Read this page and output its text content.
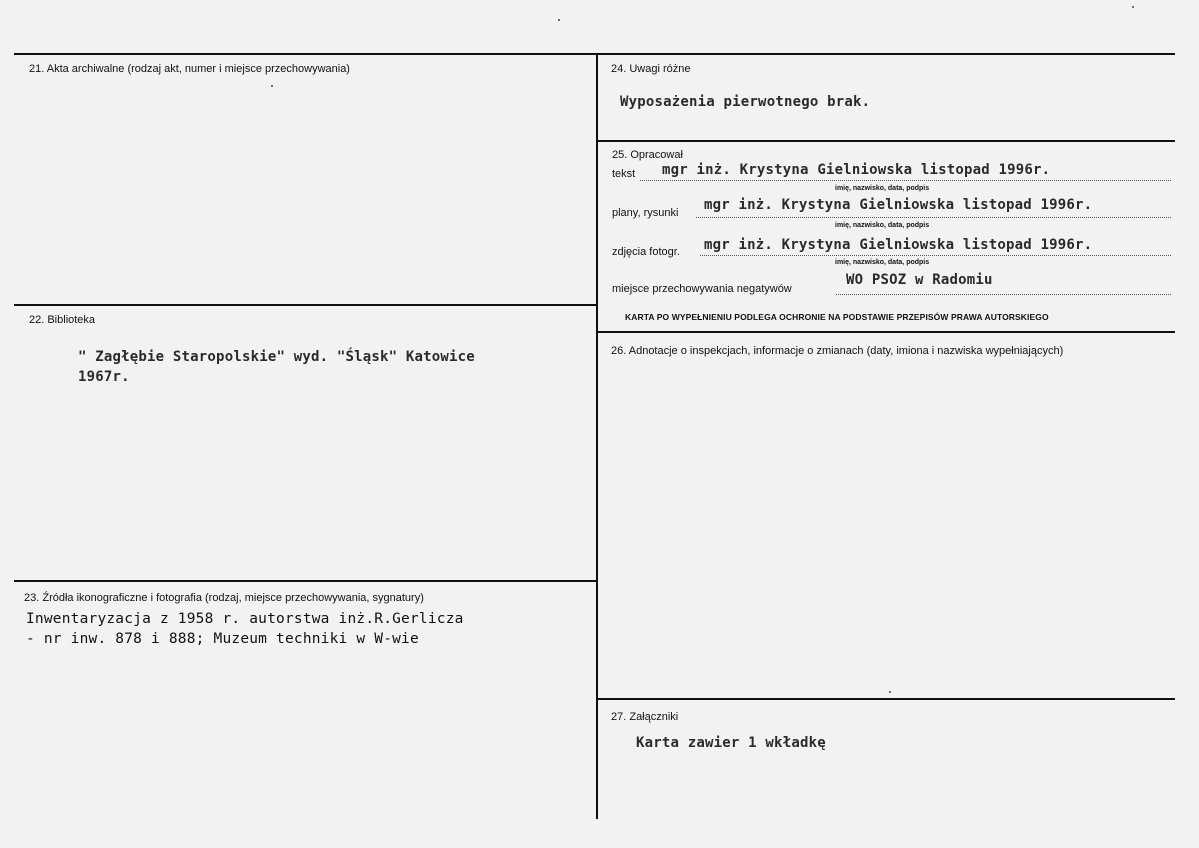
21. Akta archiwalne (rodzaj akt, numer i miejsce przechowywania)
22. Biblioteka
" Zagłębie Staropolskie" wyd. "Śląsk" Katowice
1967r.
23. Źródła ikonograficzne i fotografia (rodzaj, miejsce przechowywania, sygnatury)
Inwentaryzacja z 1958 r. autorstwa inż.R.Gerlicza
- nr inw. 878 i 888; Muzeum techniki w W-wie
24. Uwagi różne
Wyposażenia pierwotnego brak.
25. Opracował
tekst mgr inż. Krystyna Gielniowska listopad 1996r.
imię, nazwisko, data, podpis
plany, rysunki mgr inż. Krystyna Gielniowska listopad 1996r.
imię, nazwisko, data, podpis
zdjęcia fotogr. mgr inż. Krystyna Gielniowska listopad 1996r.
imię, nazwisko, data, podpis
miejsce przechowywania negatywów
WO PSOZ w Radomiu
KARTA PO WYPEŁNIENIU PODLEGA OCHRONIE NA PODSTAWIE PRZEPISÓW PRAWA AUTORSKIEGO
26. Adnotacje o inspekcjach, informacje o zmianach (daty, imiona i nazwiska wypełniających)
27. Załączniki
Karta zawier 1 wkładkę
